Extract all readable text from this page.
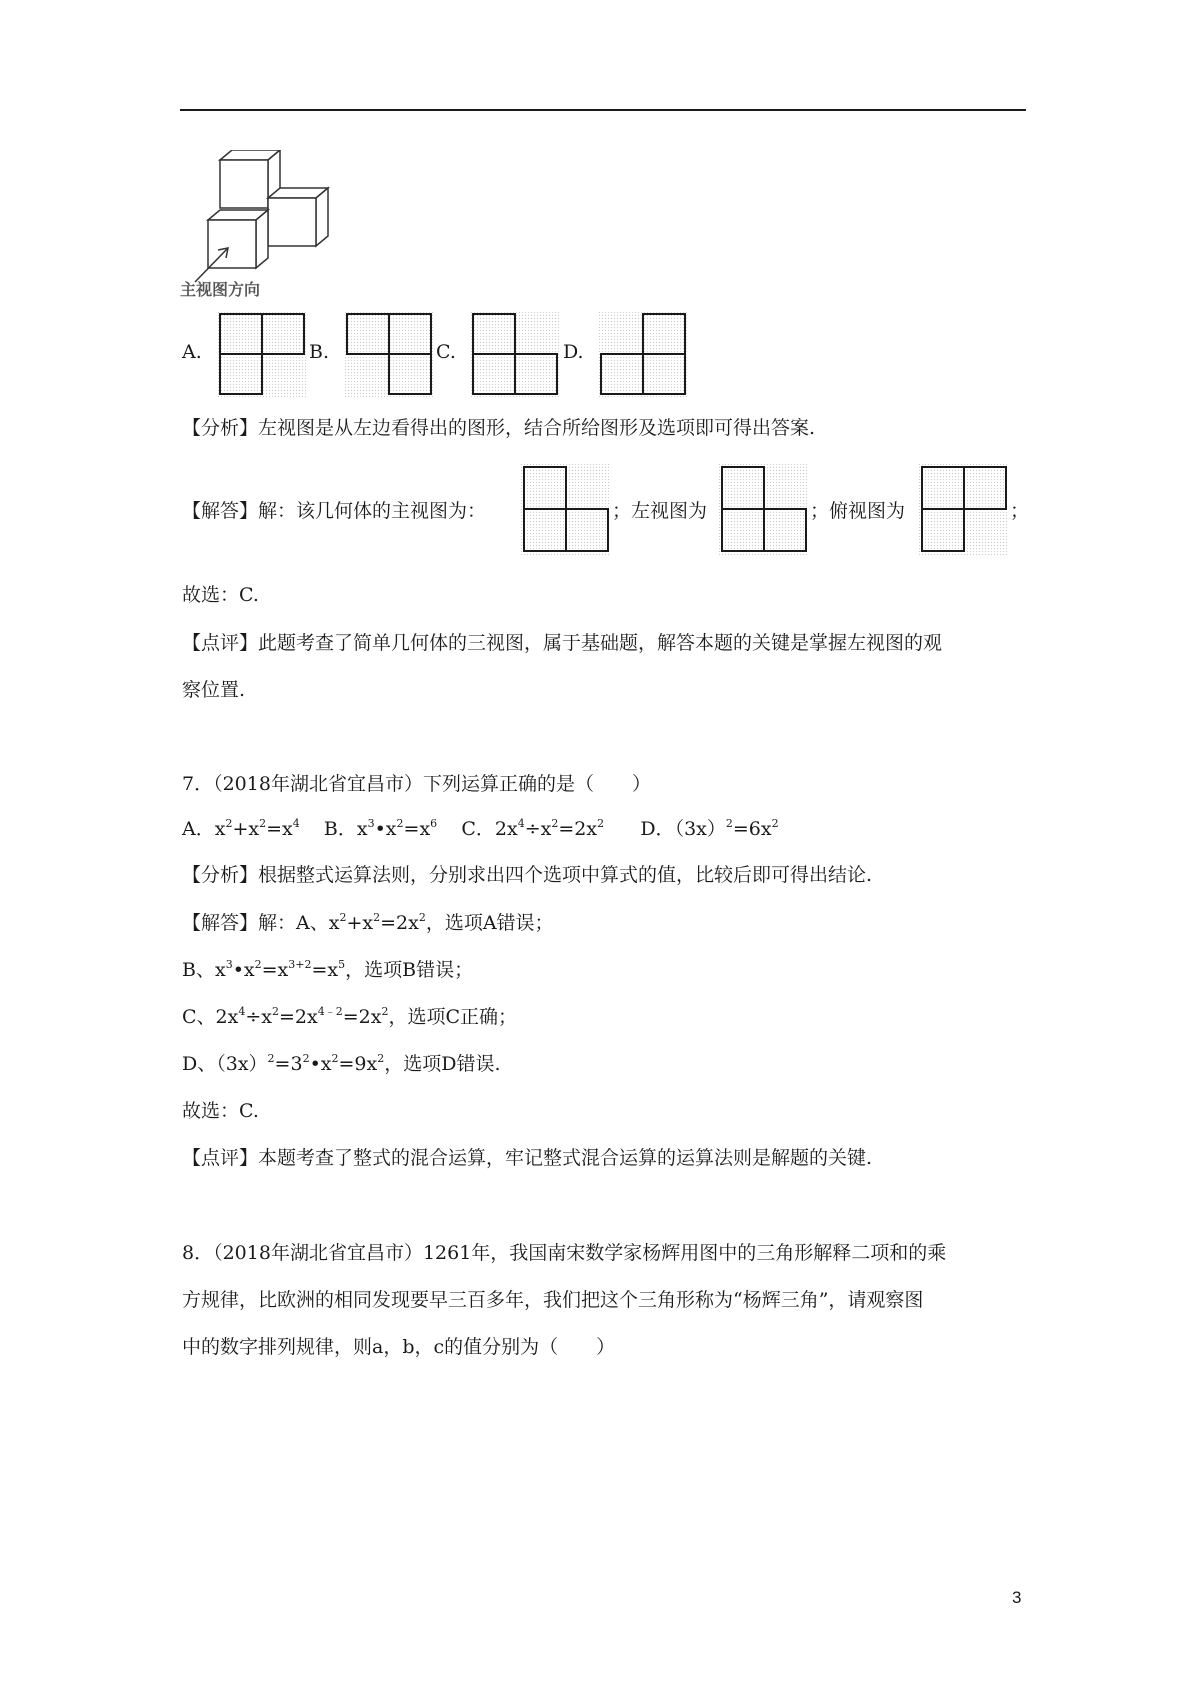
主视图方向
A.	B.	C.	D.
【分析】左视图是从左边看得出的图形，结合所给图形及选项即可得出答案.
【解答】解：该几何体的主视图为：	；左视图为	；俯视图为	；
故选：C.
【点评】此题考查了简单几何体的三视图，属于基础题，解答本题的关键是掌握左视图的观
察位置.
7．（2018年湖北省宜昌市）下列运算正确的是（　　）
A．$x^2+x^2=x^4$ B．$x^3•x^2=x^6$ C．$2x^4\div x^2=2x^2$ D．$(3x)^2=6x^2$
【分析】根据整式运算法则，分别求出四个选项中算式的值，比较后即可得出结论.
【解答】解：A、$x^2+x^2=2x^2$，选项A错误；
B、$x^3•x^2=x^{3+2}=x^5$，选项B错误；
C、$2x^4\div x^2=2x^{4﹣2}=2x^2$，选项C正确；
D、$(3x)^2=3^2•x^2=9x^2$，选项D错误.
故选：C.
【点评】本题考查了整式的混合运算，牢记整式混合运算的运算法则是解题的关键.
8．（2018年湖北省宜昌市）1261年，我国南宋数学家杨辉用图中的三角形解释二项和的乘
方规律，比欧洲的相同发现要早三百多年，我们把这个三角形称为“杨辉三角”，请观察图
中的数字排列规律，则a，b，c的值分别为（　　）
3
